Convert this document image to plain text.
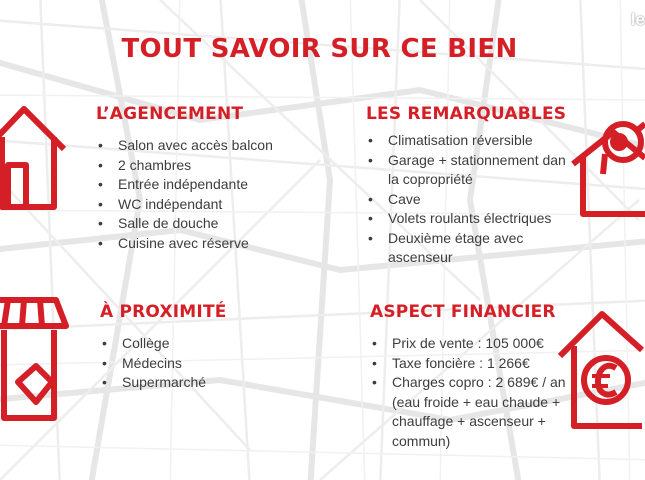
TOUT SAVOIR SUR CE BIEN
le
L’AGENCEMENT
• Salon avec accès balcon
• 2 chambres
• Entrée indépendante
• WC indépendant
• Salle de douche
• Cuisine avec réserve
LES REMARQUABLES
• Climatisation réversible
• Garage + stationnement dan
la copropriété
• Cave
• Volets roulants électriques
• Deuxième étage avec
ascenseur
À PROXIMITÉ
• Collège
• Médecins
• Supermarché
ASPECT FINANCIER
• Prix de vente : 105 000€
• Taxe foncière : 1 266€
• Charges copro : 2 689€ / an
(eau froide + eau chaude +
chauffage + ascenseur +
commun)
